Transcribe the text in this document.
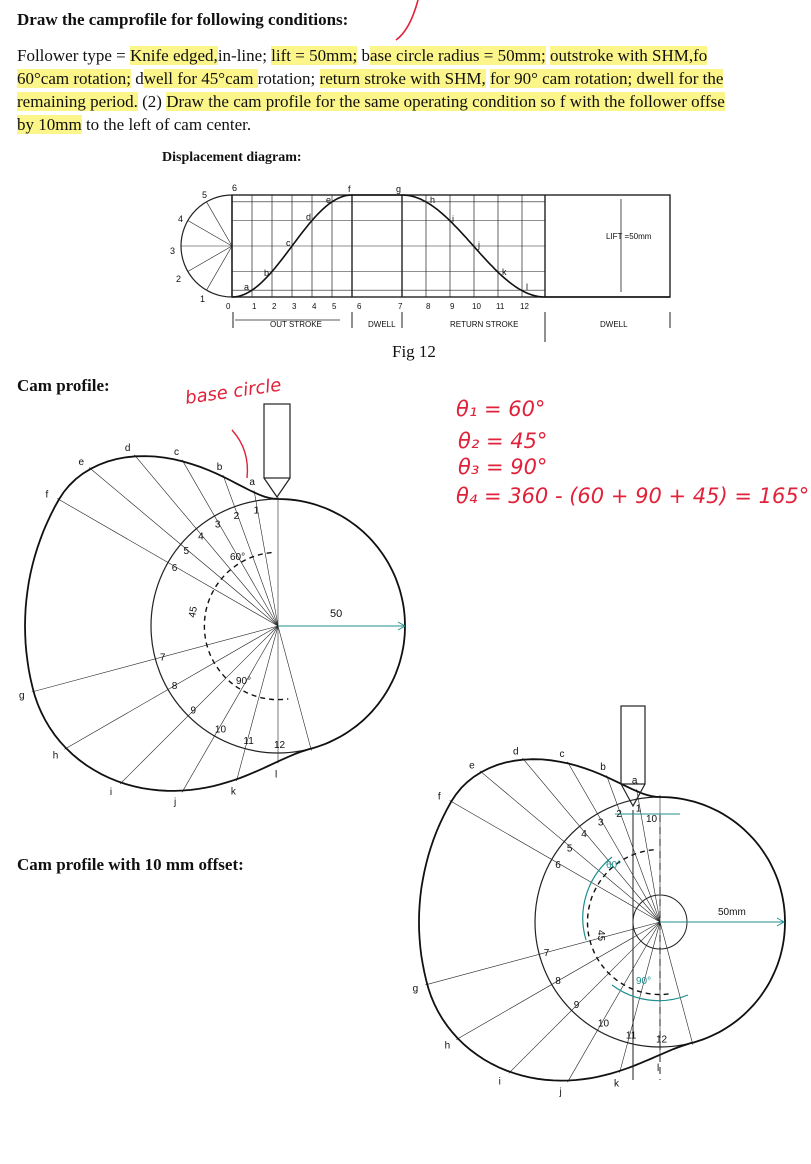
Draw the camprofile for following conditions:
Follower type = Knife edged,in-line; lift = 50mm; base circle radius = 50mm; outstroke with SHM,fo
60°cam rotation; dwell for 45°cam rotation; return stroke with SHM, for 90° cam rotation; dwell for the
remaining period. (2) Draw the cam profile for the same operating condition so f with the follower offse
by 10mm to the left of cam center.
Displacement diagram:
Fig 12
Cam profile:
Cam profile with 10 mm offset:
1
2
3
4
5
6
0	1 2 3 4 5	6	7	8 9 10 11 12
a
b
c
d
e
f	g
h
i
j
k
l
LIFT =50mm
OUT STROKE	DWELL	RETURN STROKE	DWELL
50
60°
45
90°
1
2
3
4
5
6
7
8
9
10
11 12
a
b
c
d
e
f
g
h
i
j
k
l
base circle
10
50mm
60°
45
90°
1
2
3
4
5
6
7
8
9
10
11 12
a
b
c
d
e
f
g
h
i
j
k
l
θ₁ = 60°
θ₂ = 45°
θ₃ = 90°
θ₄ = 360 - (60 + 90 + 45) = 165°
